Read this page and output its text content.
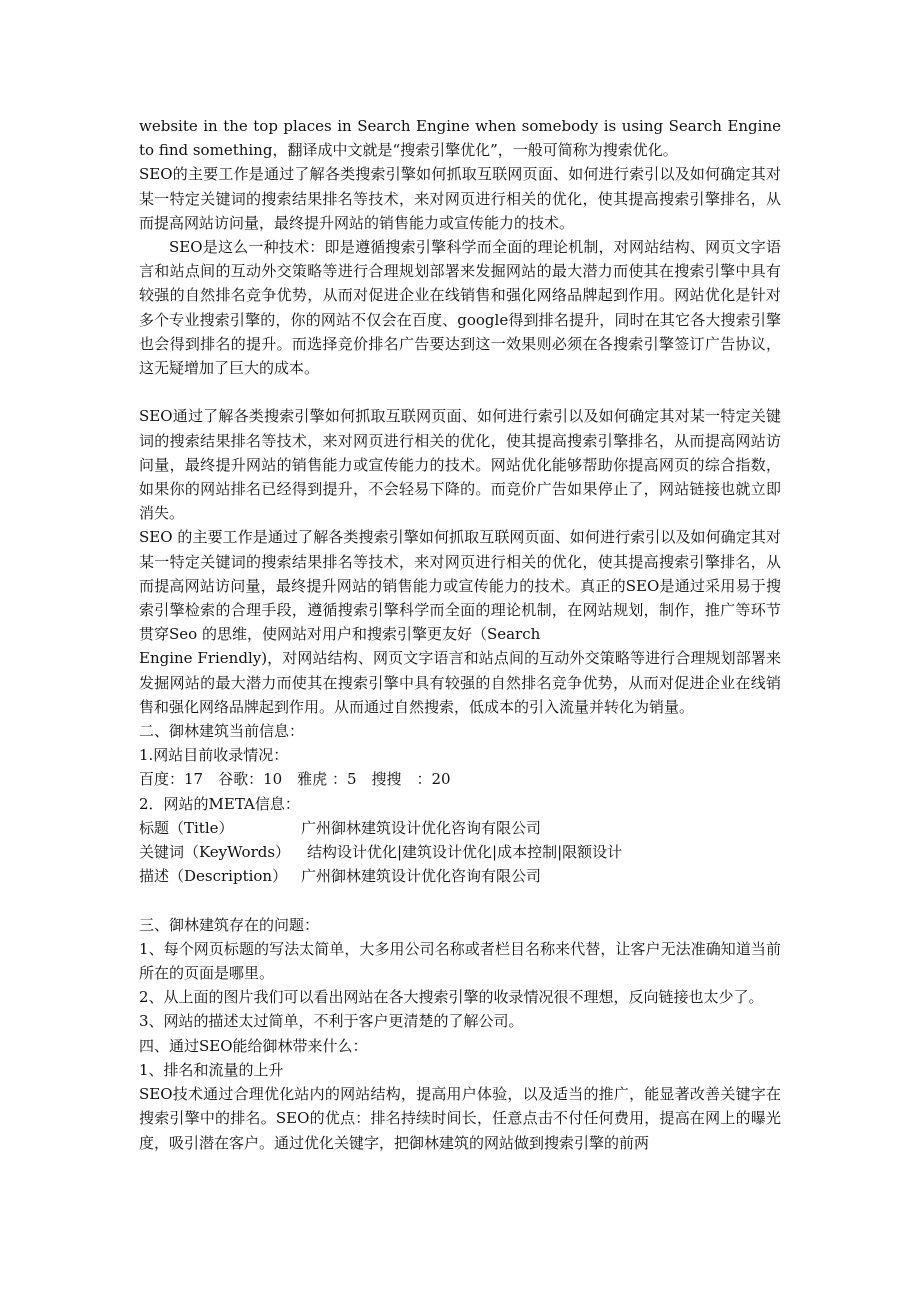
website in the top places in Search Engine when somebody is using Search Engine to find something，翻译成中文就是“搜索引擎优化”，一般可简称为搜索优化。

SEO的主要工作是通过了解各类搜索引擎如何抓取互联网页面、如何进行索引以及如何确定其对某一特定关键词的搜索结果排名等技术，来对网页进行相关的优化，使其提高搜索引擎排名，从而提高网站访问量，最终提升网站的销售能力或宣传能力的技术。

SEO是这么一种技术：即是遵循搜索引擎科学而全面的理论机制，对网站结构、网页文字语言和站点间的互动外交策略等进行合理规划部署来发掘网站的最大潜力而使其在搜索引擎中具有较强的自然排名竞争优势，从而对促进企业在线销售和强化网络品牌起到作用。网站优化是针对多个专业搜索引擎的，你的网站不仅会在百度、google得到排名提升，同时在其它各大搜索引擎也会得到排名的提升。而选择竞价排名广告要达到这一效果则必须在各搜索引擎签订广告协议，这无疑增加了巨大的成本。

SEO通过了解各类搜索引擎如何抓取互联网页面、如何进行索引以及如何确定其对某一特定关键词的搜索结果排名等技术，来对网页进行相关的优化，使其提高搜索引擎排名，从而提高网站访问量，最终提升网站的销售能力或宣传能力的技术。网站优化能够帮助你提高网页的综合指数，如果你的网站排名已经得到提升，不会轻易下降的。而竞价广告如果停止了，网站链接也就立即消失。

SEO 的主要工作是通过了解各类搜索引擎如何抓取互联网页面、如何进行索引以及如何确定其对某一特定关键词的搜索结果排名等技术，来对网页进行相关的优化，使其提高搜索引擎排名，从而提高网站访问量，最终提升网站的销售能力或宣传能力的技术。真正的SEO是通过采用易于搜索引擎检索的合理手段，遵循搜索引擎科学而全面的理论机制，在网站规划，制作，推广等环节贯穿Seo 的思维，使网站对用户和搜索引擎更友好（Search

Engine Friendly)，对网站结构、网页文字语言和站点间的互动外交策略等进行合理规划部署来发掘网站的最大潜力而使其在搜索引擎中具有较强的自然排名竞争优势，从而对促进企业在线销售和强化网络品牌起到作用。从而通过自然搜索，低成本的引入流量并转化为销量。

二、御林建筑当前信息：

1.网站目前收录情况：

百度：17　谷歌：10　雅虎 ：5　搜搜　：20

2．网站的META信息：

标题（Title）	广州御林建筑设计优化咨询有限公司
关键词（KeyWords）	结构设计优化|建筑设计优化|成本控制|限额设计
描述（Description） 广州御林建筑设计优化咨询有限公司

三、御林建筑存在的问题：

1、每个网页标题的写法太简单，大多用公司名称或者栏目名称来代替，让客户无法准确知道当前所在的页面是哪里。

2、从上面的图片我们可以看出网站在各大搜索引擎的收录情况很不理想，反向链接也太少了。

3、网站的描述太过简单，不利于客户更清楚的了解公司。

四、通过SEO能给御林带来什么：

1、排名和流量的上升

SEO技术通过合理优化站内的网站结构，提高用户体验，以及适当的推广，能显著改善关键字在搜索引擎中的排名。SEO的优点：排名持续时间长，任意点击不付任何费用，提高在网上的曝光度，吸引潜在客户。通过优化关键字，把御林建筑的网站做到搜索引擎的前两
